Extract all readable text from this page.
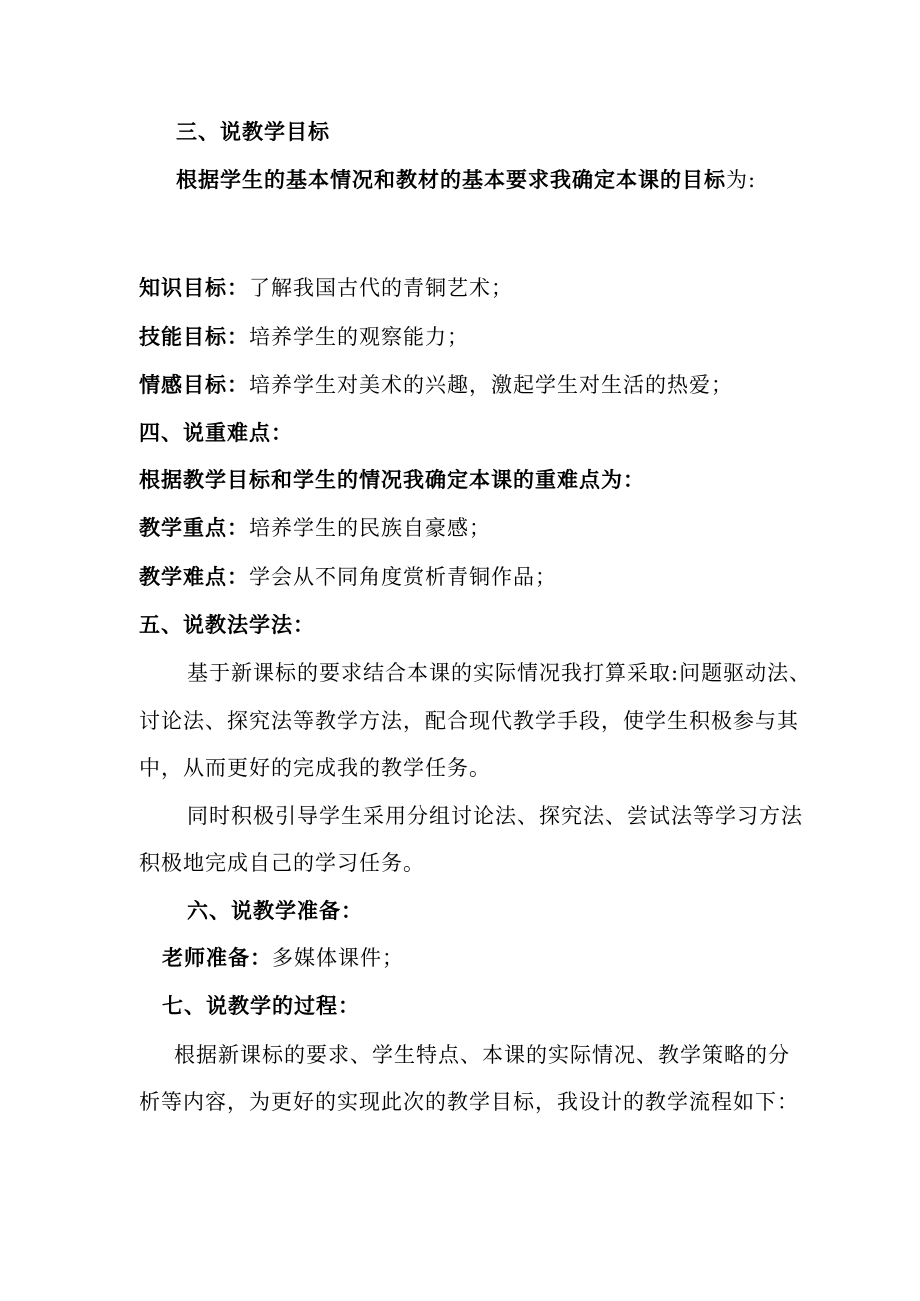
三、说教学目标
根据学生的基本情况和教材的基本要求我确定本课的目标为:
知识目标：了解我国古代的青铜艺术；
技能目标：培养学生的观察能力；
情感目标：培养学生对美术的兴趣，激起学生对生活的热爱；
四、说重难点：
根据教学目标和学生的情况我确定本课的重难点为：
教学重点：培养学生的民族自豪感；
教学难点：学会从不同角度赏析青铜作品；
五、说教法学法：
基于新课标的要求结合本课的实际情况我打算采取:问题驱动法、
讨论法、探究法等教学方法，配合现代教学手段，使学生积极参与其
中，从而更好的完成我的教学任务。
同时积极引导学生采用分组讨论法、探究法、尝试法等学习方法
积极地完成自己的学习任务。
六、说教学准备：
老师准备：多媒体课件；
七、说教学的过程：
根据新课标的要求、学生特点、本课的实际情况、教学策略的分
析等内容，为更好的实现此次的教学目标，我设计的教学流程如下：
